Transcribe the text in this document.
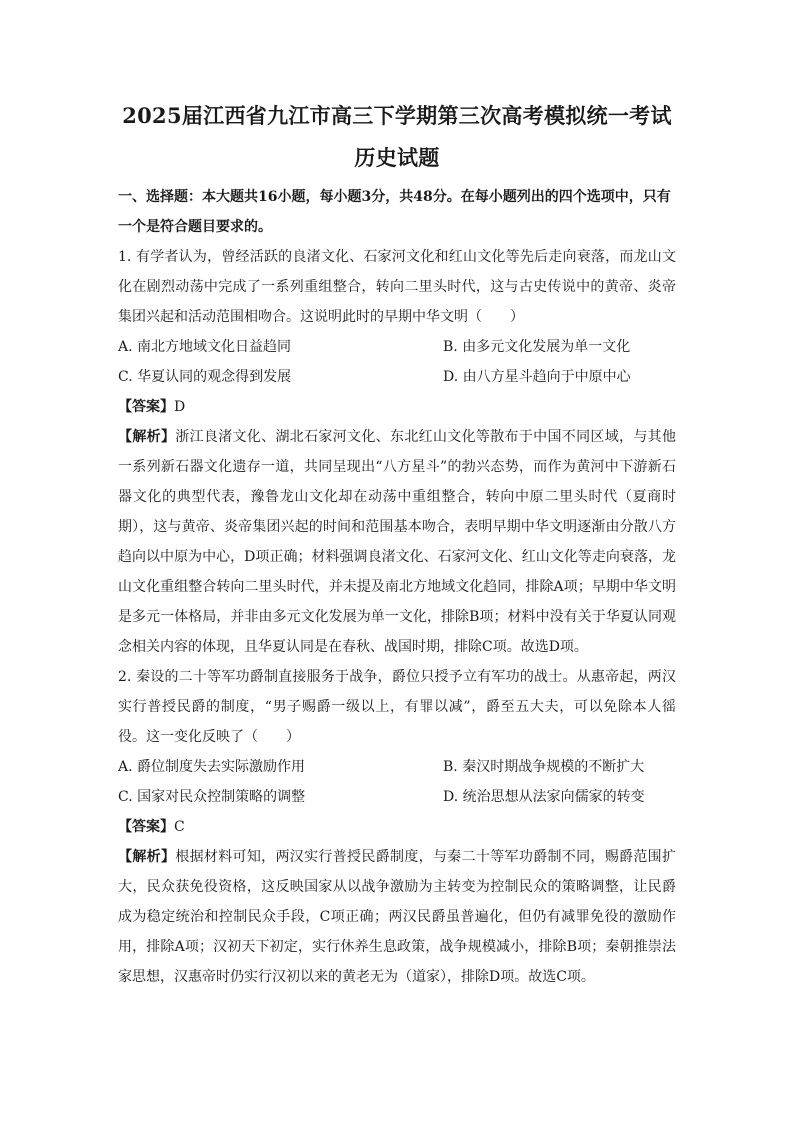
2025届江西省九江市高三下学期第三次高考模拟统一考试
历史试题

一、选择题：本大题共16小题，每小题3分，共48分。在每小题列出的四个选项中，只有一个是符合题目要求的。

1. 有学者认为，曾经活跃的良渚文化、石家河文化和红山文化等先后走向衰落，而龙山文化在剧烈动荡中完成了一系列重组整合，转向二里头时代，这与古史传说中的黄帝、炎帝集团兴起和活动范围相吻合。这说明此时的早期中华文明（　　）

A. 南北方地域文化日益趋同	B. 由多元文化发展为单一文化
C. 华夏认同的观念得到发展	D. 由八方星斗趋向于中原中心

【答案】D

【解析】浙江良渚文化、湖北石家河文化、东北红山文化等散布于中国不同区域，与其他一系列新石器文化遗存一道，共同呈现出“八方星斗”的勃兴态势，而作为黄河中下游新石器文化的典型代表，豫鲁龙山文化却在动荡中重组整合，转向中原二里头时代（夏商时期），这与黄帝、炎帝集团兴起的时间和范围基本吻合，表明早期中华文明逐渐由分散八方趋向以中原为中心，D项正确；材料强调良渚文化、石家河文化、红山文化等走向衰落，龙山文化重组整合转向二里头时代，并未提及南北方地域文化趋同，排除A项；早期中华文明是多元一体格局，并非由多元文化发展为单一文化，排除B项；材料中没有关于华夏认同观念相关内容的体现，且华夏认同是在春秋、战国时期，排除C项。故选D项。

2. 秦设的二十等军功爵制直接服务于战争，爵位只授予立有军功的战士。从惠帝起，两汉实行普授民爵的制度，“男子赐爵一级以上，有罪以减”，爵至五大夫，可以免除本人徭役。这一变化反映了（　　）

A. 爵位制度失去实际激励作用	B. 秦汉时期战争规模的不断扩大
C. 国家对民众控制策略的调整	D. 统治思想从法家向儒家的转变

【答案】C

【解析】根据材料可知，两汉实行普授民爵制度，与秦二十等军功爵制不同，赐爵范围扩大，民众获免役资格，这反映国家从以战争激励为主转变为控制民众的策略调整，让民爵成为稳定统治和控制民众手段，C项正确；两汉民爵虽普遍化，但仍有减罪免役的激励作用，排除A项；汉初天下初定，实行休养生息政策，战争规模减小，排除B项；秦朝推崇法家思想，汉惠帝时仍实行汉初以来的黄老无为（道家），排除D项。故选C项。
